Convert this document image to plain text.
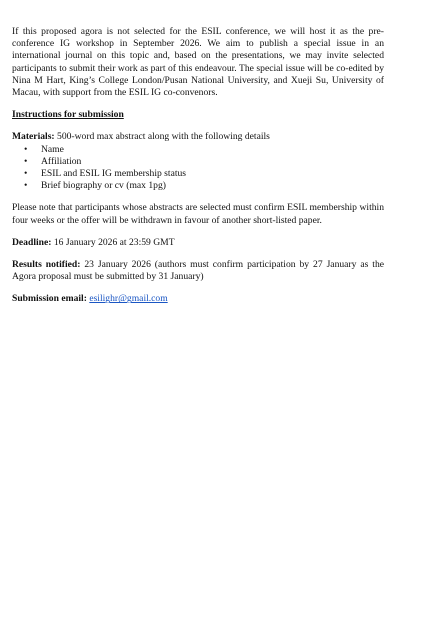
If this proposed agora is not selected for the ESIL conference, we will host it as the pre-conference IG workshop in September 2026. We aim to publish a special issue in an international journal on this topic and, based on the presentations, we may invite selected participants to submit their work as part of this endeavour. The special issue will be co-edited by Nina M Hart, King’s College London/Pusan National University, and Xueji Su, University of Macau, with support from the ESIL IG co-convenors.

Instructions for submission

Materials: 500-word max abstract along with the following details

• Name
• Affiliation
• ESIL and ESIL IG membership status
• Brief biography or cv (max 1pg)

Please note that participants whose abstracts are selected must confirm ESIL membership within four weeks or the offer will be withdrawn in favour of another short-listed paper.

Deadline: 16 January 2026 at 23:59 GMT

Results notified: 23 January 2026 (authors must confirm participation by 27 January as the Agora proposal must be submitted by 31 January)

Submission email: esilighr@gmail.com
